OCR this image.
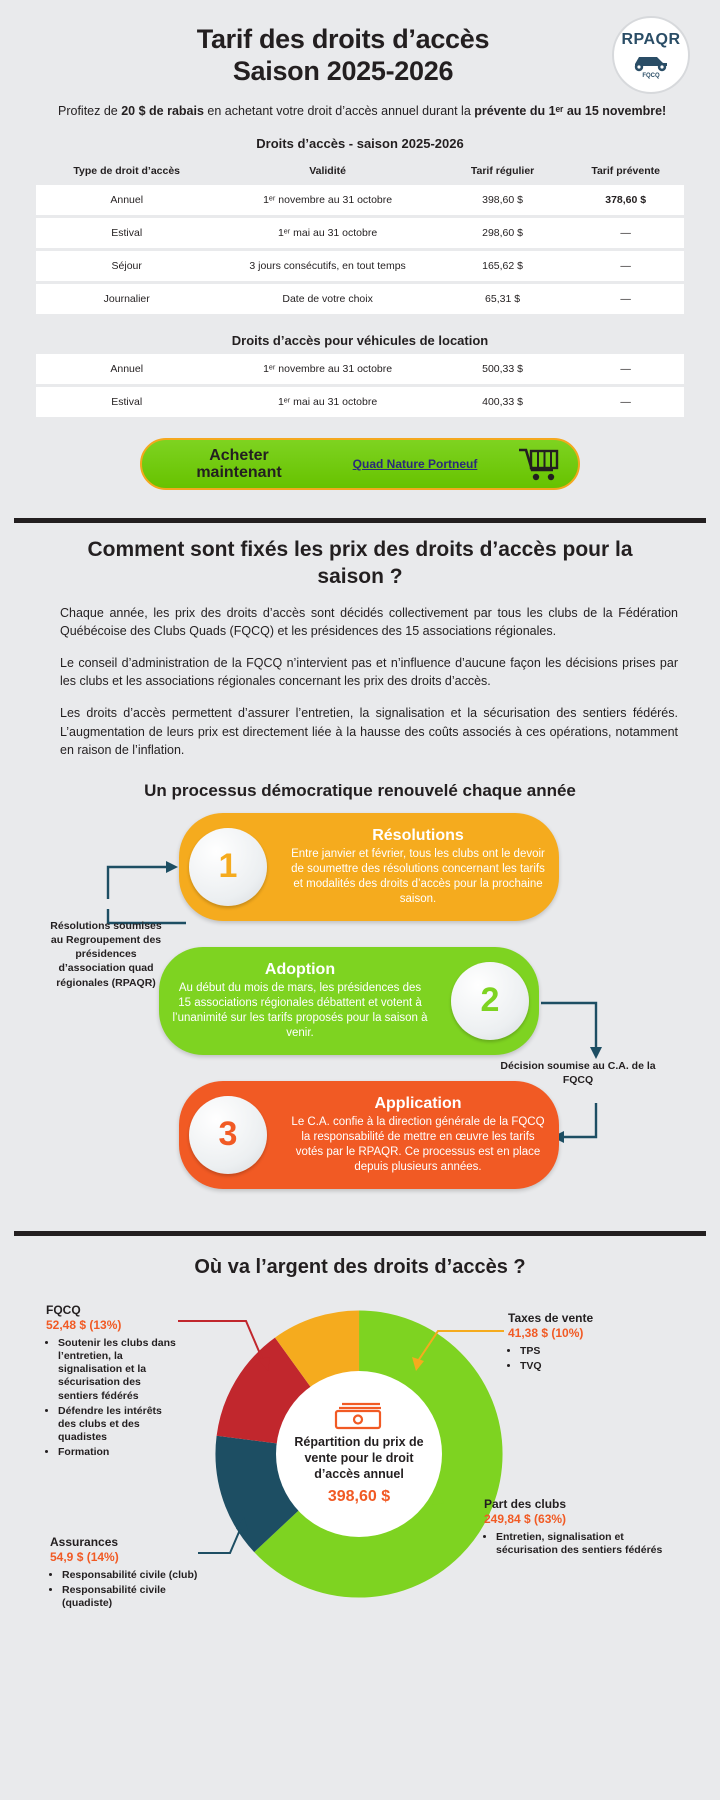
RPAQR
FQCQ
Tarif des droits d’accès
Saison 2025-2026

Profitez de 20 $ de rabais en achetant votre droit d’accès annuel durant la prévente du 1ᵉʳ au 15 novembre!

Droits d’accès - saison 2025-2026
Type de droit d’accès	Validité	Tarif régulier	Tarif prévente
Annuel	1ᵉʳ novembre au 31 octobre	398,60 $	378,60 $
Estival	1ᵉʳ mai au 31 octobre	298,60 $	—
Séjour	3 jours consécutifs, en tout temps	165,62 $	—
Journalier	Date de votre choix	65,31 $	—
Droits d’accès pour véhicules de location
Annuel	1ᵉʳ novembre au 31 octobre	500,33 $	—
Estival	1ᵉʳ mai au 31 octobre	400,33 $	—
Acheter
maintenant	Quad Nature Portneuf
Comment sont fixés les prix des droits d’accès pour la saison ?

Chaque année, les prix des droits d’accès sont décidés collectivement par tous les clubs de la Fédération Québécoise des Clubs Quads (FQCQ) et les présidences des 15 associations régionales.

Le conseil d’administration de la FQCQ n’intervient pas et n’influence d’aucune façon les décisions prises par les clubs et les associations régionales concernant les prix des droits d’accès.

Les droits d’accès permettent d’assurer l’entretien, la signalisation et la sécurisation des sentiers fédérés. L’augmentation de leurs prix est directement liée à la hausse des coûts associés à ces opérations, notamment en raison de l’inflation.

Un processus démocratique renouvelé chaque année
1
Résolutions
Entre janvier et février, tous les clubs ont le devoir de soumettre des résolutions concernant les tarifs et modalités des droits d’accès pour la prochaine saison.
Adoption
Au début du mois de mars, les présidences des 15 associations régionales débattent et votent à l’unanimité sur les tarifs proposés pour la saison à venir.
2
3
Application
Le C.A. confie à la direction générale de la FQCQ la responsabilité de mettre en œuvre les tarifs votés par le RPAQR. Ce processus est en place depuis plusieurs années.
Résolutions soumises au Regroupement des présidences d’association quad régionales (RPAQR)
Décision soumise au C.A. de la FQCQ
Où va l’argent des droits d’accès ?
Répartition du prix de vente pour le droit d’accès annuel
398,60 $
FQCQ
52,48 $ (13%)
• Soutenir les clubs dans l’entretien, la signalisation et la sécurisation des sentiers fédérés
• Défendre les intérêts des clubs et des quadistes
• Formation
Taxes de vente
41,38 $ (10%)
• TPS
• TVQ
Part des clubs
249,84 $ (63%)
• Entretien, signalisation et sécurisation des sentiers fédérés
Assurances
54,9 $ (14%)
• Responsabilité civile (club)
• Responsabilité civile (quadiste)
